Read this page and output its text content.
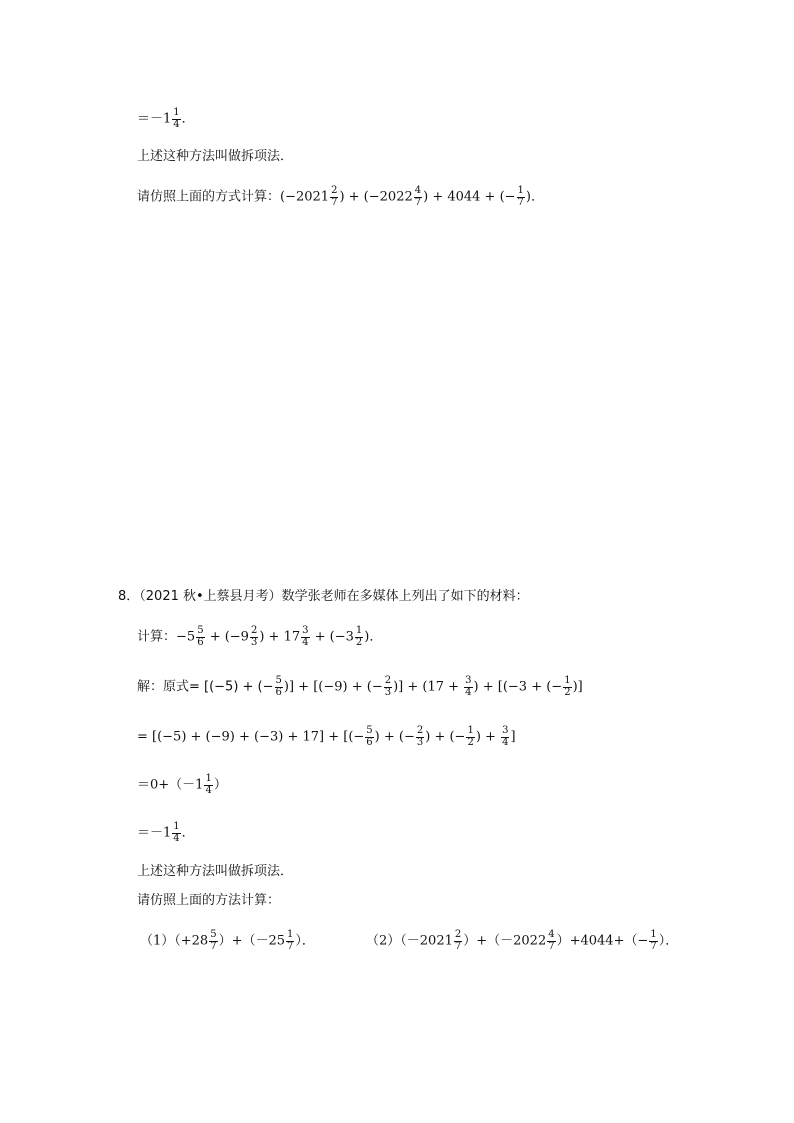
$=-1 \frac{1}{4}$ ．
上述这种方法叫做拆项法．
请仿照上面的方式计算：($-2021 \frac{2}{7}$ ) + ($-2022 \frac{4}{7}$ ) + 4044 + (− $\frac{1}{7}$ )．
8．（2021 秋•上蔡县月考）数学张老师在多媒体上列出了如下的材料：
计算：$-5 \frac{5}{6} + (-9 \frac{2}{3}$ ) + $17 \frac{3}{4} + (-3 \frac{1}{2}$ )．
解：原式= [(−5) + (− $\frac{5}{6}$ )] + [(−9) + (− $\frac{2}{3}$ )] + ($17 + \frac{3}{4}$ ) + [(−3 + (− $\frac{1}{2}$ )]
= [(−5) + (−9) + (−3) + 17] + [(− $\frac{5}{6}$ ) + (− $\frac{2}{3}$ ) + (− $\frac{1}{2}$ ) + $\frac{3}{4}$ ]
$=0+(-1 \frac{1}{4}$ ）
$=-1 \frac{1}{4}$ ．
上述这种方法叫做拆项法．
请仿照上面的方法计算：
$(1)(+28 \frac{5}{7} )+(-25 \frac{1}{7}$ ）．	$(2)(-2021 \frac{2}{7} )+(-2022 \frac{4}{7} )+4044+(- \frac{1}{7}$ ）．
